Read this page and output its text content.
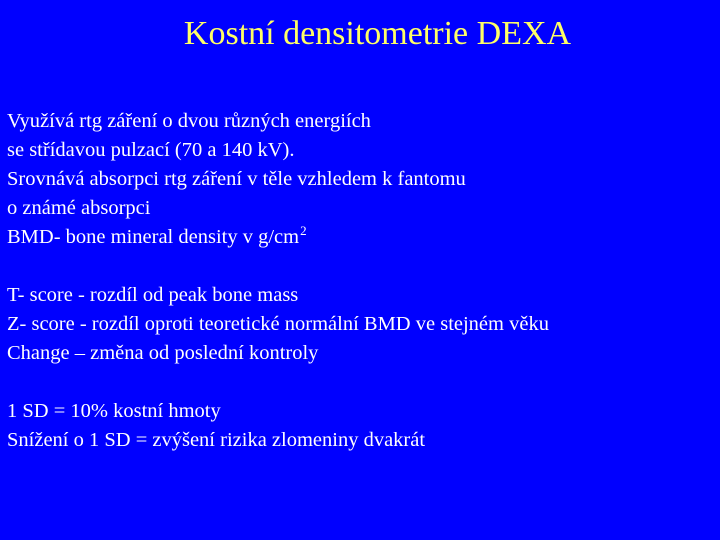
Kostní densitometrie DEXA
Využívá rtg záření o dvou různých energiích
se střídavou pulzací (70 a 140 kV).
Srovnává absorpci rtg záření v těle vzhledem k fantomu
o známé absorpci
BMD- bone mineral density v $g/cm^2$
T- score - rozdíl od peak bone mass
Z- score - rozdíl oproti teoretické normální BMD ve stejném věku
Change – změna od poslední kontroly
1 SD = 10% kostní hmoty
Snížení o 1 SD = zvýšení rizika zlomeniny dvakrát
